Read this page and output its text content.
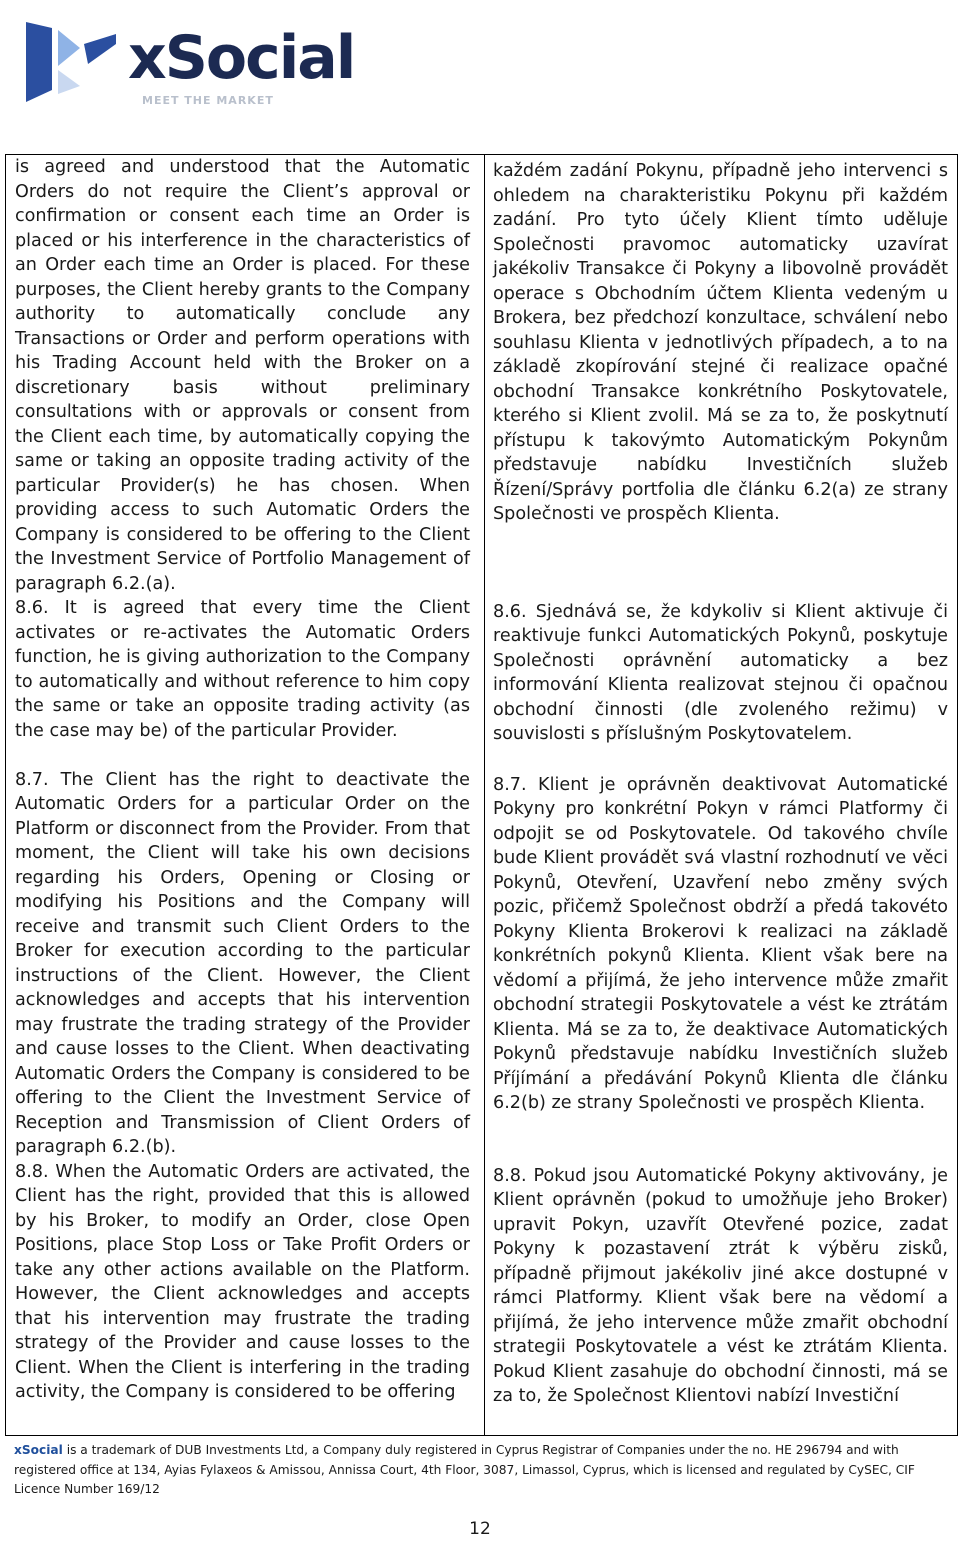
xSocial
MEET THE MARKET

is agreed and understood that the Automatic Orders do not require the Client’s approval or confirmation or consent each time an Order is placed or his interference in the characteristics of an Order each time an Order is placed. For these purposes, the Client hereby grants to the Company authority to automatically conclude any Transactions or Order and perform operations with his Trading Account held with the Broker on a discretionary basis without preliminary consultations with or approvals or consent from the Client each time, by automatically copying the same or taking an opposite trading activity of the particular Provider(s) he has chosen. When providing access to such Automatic Orders the Company is considered to be offering to the Client the Investment Service of Portfolio Management of paragraph 6.2.(a).

8.6. It is agreed that every time the Client activates or re-activates the Automatic Orders function, he is giving authorization to the Company to automatically and without reference to him copy the same or take an opposite trading activity (as the case may be) of the particular Provider.

8.7. The Client has the right to deactivate the Automatic Orders for a particular Order on the Platform or disconnect from the Provider. From that moment, the Client will take his own decisions regarding his Orders, Opening or Closing or modifying his Positions and the Company will receive and transmit such Client Orders to the Broker for execution according to the particular instructions of the Client. However, the Client acknowledges and accepts that his intervention may frustrate the trading strategy of the Provider and cause losses to the Client. When deactivating Automatic Orders the Company is considered to be offering to the Client the Investment Service of Reception and Transmission of Client Orders of paragraph 6.2.(b).

8.8. When the Automatic Orders are activated, the Client has the right, provided that this is allowed by his Broker, to modify an Order, close Open Positions, place Stop Loss or Take Profit Orders or take any other actions available on the Platform. However, the Client acknowledges and accepts that his intervention may frustrate the trading strategy of the Provider and cause losses to the Client. When the Client is interfering in the trading activity, the Company is considered to be offering

každém zadání Pokynu, případně jeho intervenci s ohledem na charakteristiku Pokynu při každém zadání. Pro tyto účely Klient tímto uděluje Společnosti pravomoc automaticky uzavírat jakékoliv Transakce či Pokyny a libovolně provádět operace s Obchodním účtem Klienta vedeným u Brokera, bez předchozí konzultace, schválení nebo souhlasu Klienta v jednotlivých případech, a to na základě zkopírování stejné či realizace opačné obchodní Transakce konkrétního Poskytovatele, kterého si Klient zvolil. Má se za to, že poskytnutí přístupu k takovýmto Automatickým Pokynům představuje nabídku Investičních služeb Řízení/Správy portfolia dle článku 6.2(a) ze strany Společnosti ve prospěch Klienta.

8.6. Sjednává se, že kdykoliv si Klient aktivuje či reaktivuje funkci Automatických Pokynů, poskytuje Společnosti oprávnění automaticky a bez informování Klienta realizovat stejnou či opačnou obchodní činnosti (dle zvoleného režimu) v souvislosti s příslušným Poskytovatelem.

8.7. Klient je oprávněn deaktivovat Automatické Pokyny pro konkrétní Pokyn v rámci Platformy či odpojit se od Poskytovatele. Od takového chvíle bude Klient provádět svá vlastní rozhodnutí ve věci Pokynů, Otevření, Uzavření nebo změny svých pozic, přičemž Společnost obdrží a předá takovéto Pokyny Klienta Brokerovi k realizaci na základě konkrétních pokynů Klienta. Klient však bere na vědomí a přijímá, že jeho intervence může zmařit obchodní strategii Poskytovatele a vést ke ztrátám Klienta. Má se za to, že deaktivace Automatických Pokynů představuje nabídku Investičních služeb Příjímání a předávání Pokynů Klienta dle článku 6.2(b) ze strany Společnosti ve prospěch Klienta.

8.8. Pokud jsou Automatické Pokyny aktivovány, je Klient oprávněn (pokud to umožňuje jeho Broker) upravit Pokyn, uzavřít Otevřené pozice, zadat Pokyny k pozastavení ztrát k výběru zisků, případně přijmout jakékoliv jiné akce dostupné v rámci Platformy. Klient však bere na vědomí a přijímá, že jeho intervence může zmařit obchodní strategii Poskytovatele a vést ke ztrátám Klienta. Pokud Klient zasahuje do obchodní činnosti, má se za to, že Společnost Klientovi nabízí Investiční

xSocial is a trademark of DUB Investments Ltd, a Company duly registered in Cyprus Registrar of Companies under the no. HE 296794 and with registered office at 134, Ayias Fylaxeos & Amissou, Annissa Court, 4th Floor, 3087, Limassol, Cyprus, which is licensed and regulated by CySEC, CIF Licence Number 169/12
12
